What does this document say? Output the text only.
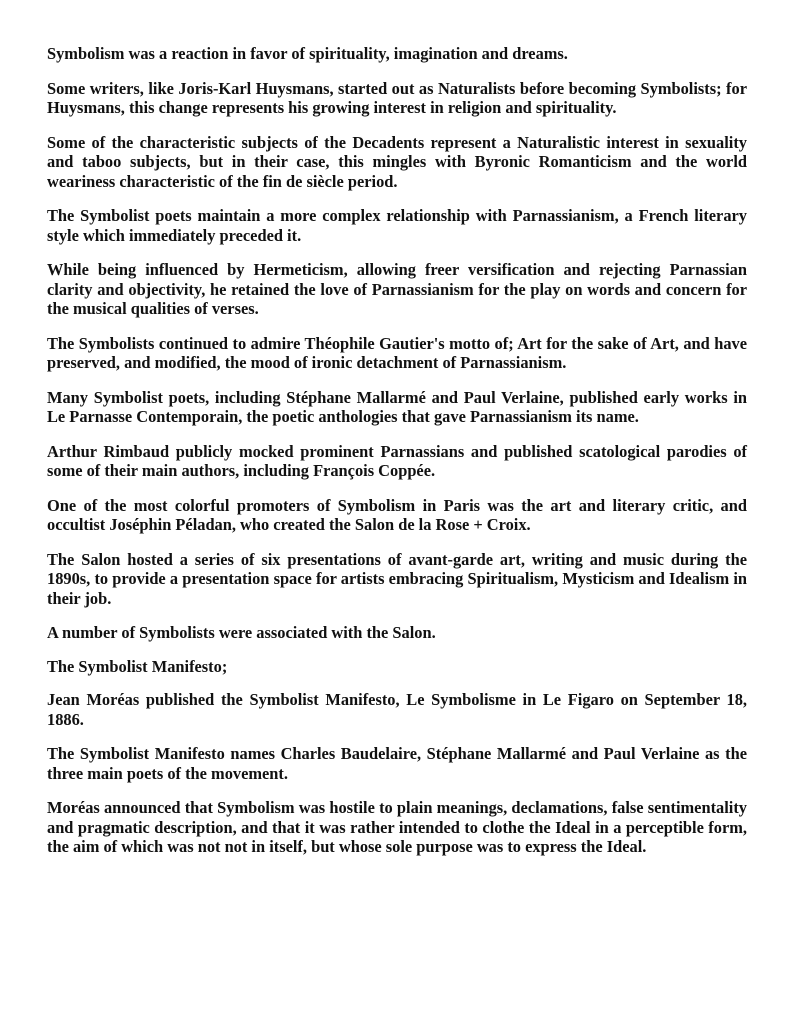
Symbolism was a reaction in favor of spirituality, imagination and dreams.

Some writers, like Joris-Karl Huysmans, started out as Naturalists before becoming Symbolists; for Huysmans, this change represents his growing interest in religion and spirituality.

Some of the characteristic subjects of the Decadents represent a Naturalistic interest in sexuality and taboo subjects, but in their case, this mingles with Byronic Romanticism and the world weariness characteristic of the fin de siècle period.

The Symbolist poets maintain a more complex relationship with Parnassianism, a French literary style which immediately preceded it.

While being influenced by Hermeticism, allowing freer versification and rejecting Parnassian clarity and objectivity, he retained the love of Parnassianism for the play on words and concern for the musical qualities of verses.

The Symbolists continued to admire Théophile Gautier's motto of; Art for the sake of Art, and have preserved, and modified, the mood of ironic detachment of Parnassianism.

Many Symbolist poets, including Stéphane Mallarmé and Paul Verlaine, published early works in Le Parnasse Contemporain, the poetic anthologies that gave Parnassianism its name.

Arthur Rimbaud publicly mocked prominent Parnassians and published scatological parodies of some of their main authors, including François Coppée.

One of the most colorful promoters of Symbolism in Paris was the art and literary critic, and occultist Joséphin Péladan, who created the Salon de la Rose + Croix.

The Salon hosted a series of six presentations of avant-garde art, writing and music during the 1890s, to provide a presentation space for artists embracing Spiritualism, Mysticism and Idealism in their job.

A number of Symbolists were associated with the Salon.

The Symbolist Manifesto;

Jean Moréas published the Symbolist Manifesto, Le Symbolisme in Le Figaro on September 18, 1886.

The Symbolist Manifesto names Charles Baudelaire, Stéphane Mallarmé and Paul Verlaine as the three main poets of the movement.

Moréas announced that Symbolism was hostile to plain meanings, declamations, false sentimentality and pragmatic description, and that it was rather intended to clothe the Ideal in a perceptible form, the aim of which was not not in itself, but whose sole purpose was to express the Ideal.
